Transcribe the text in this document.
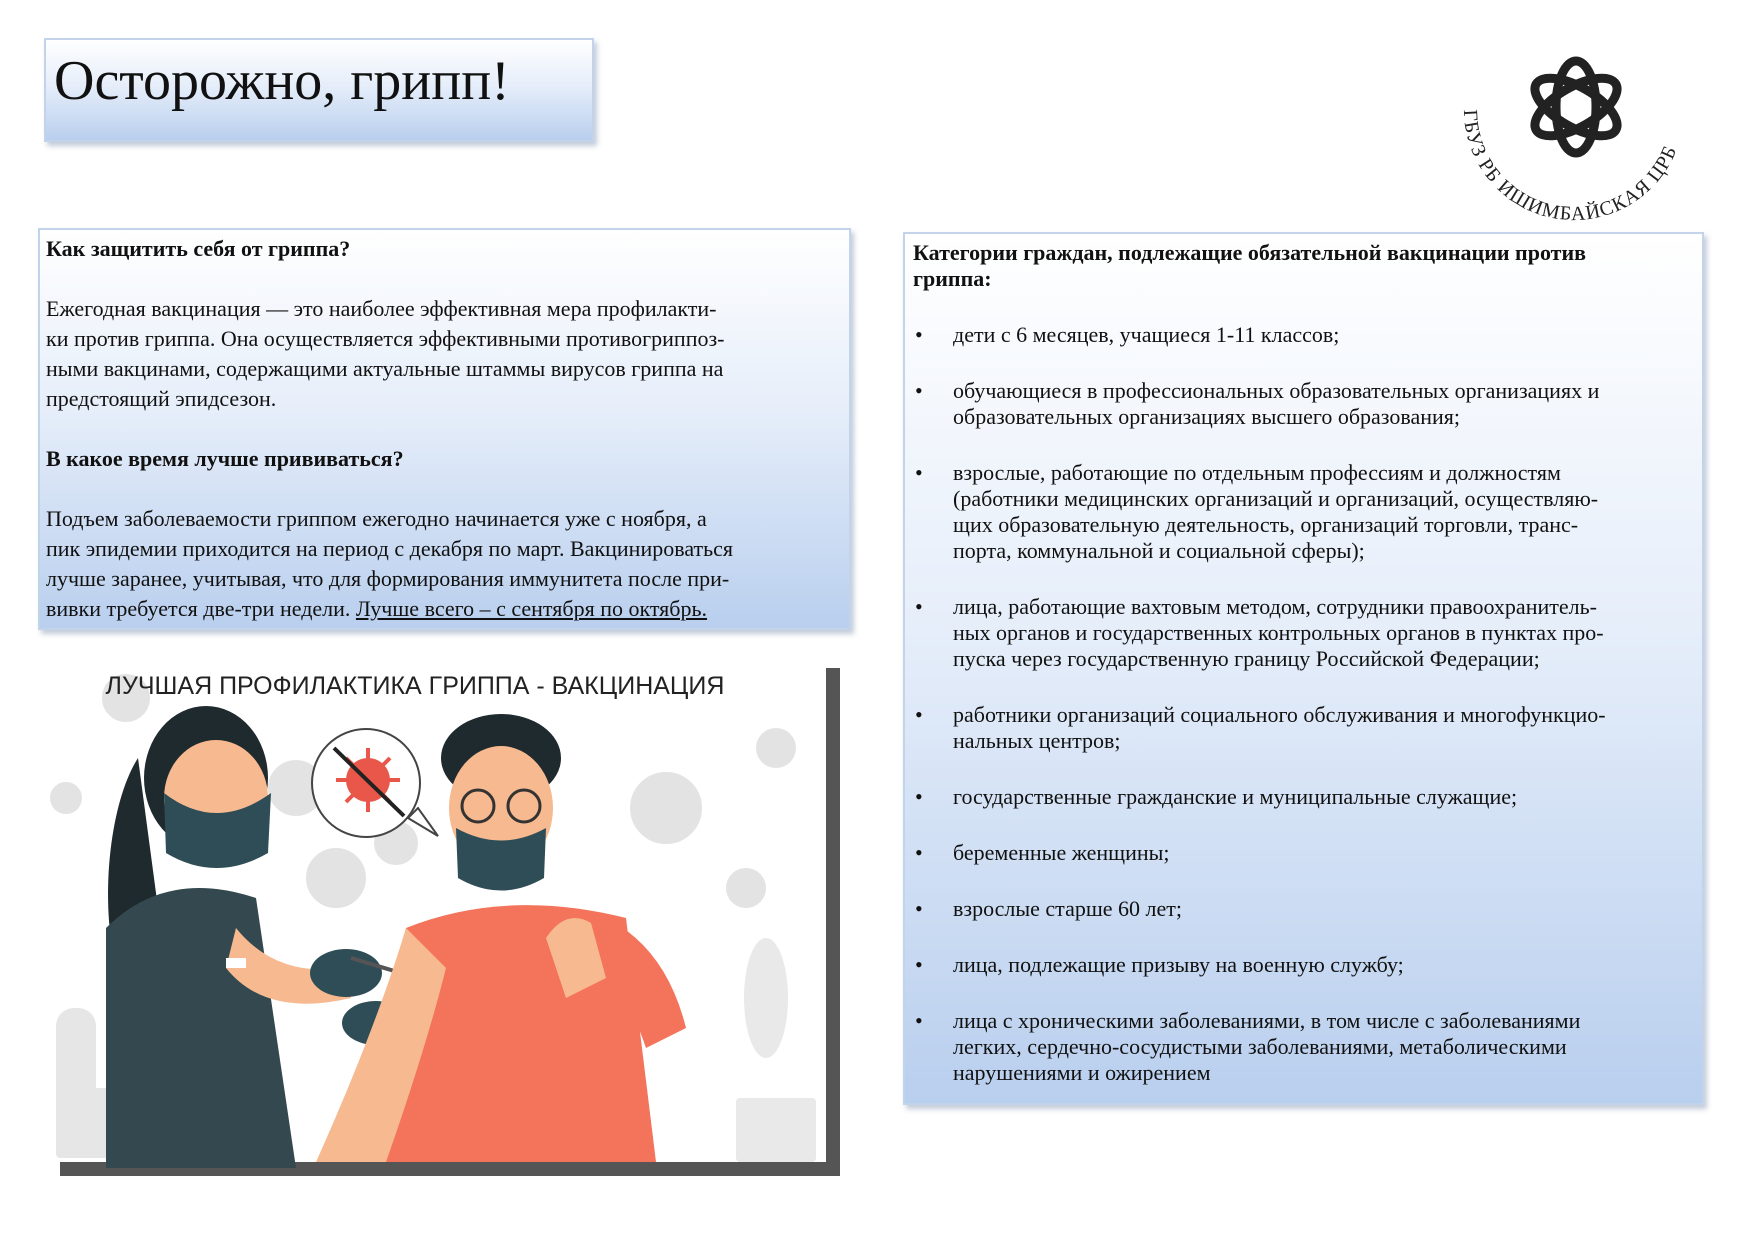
Осторожно, грипп!
ГБУЗ РБ ИШИМБАЙСКАЯ ЦРБ

Как защитить себя от гриппа?

Ежегодная вакцинация — это наиболее эффективная мера профилакти-

ки против гриппа. Она осуществляется эффективными противогриппоз-

ными вакцинами, содержащими актуальные штаммы вирусов гриппа на

предстоящий эпидсезон.

В какое время лучше прививаться?

Подъем заболеваемости гриппом ежегодно начинается уже с ноября, а

пик эпидемии приходится на период с декабря по март. Вакцинироваться

лучше заранее, учитывая, что для формирования иммунитета после при-

вивки требуется две-три недели. Лучше всего – с сентября по октябрь.

ЛУЧШАЯ ПРОФИЛАКТИКА ГРИППА - ВАКЦИНАЦИЯ

Категории граждан, подлежащие обязательной вакцинации против
гриппа:

• дети с 6 месяцев, учащиеся 1-11 классов;
• обучающиеся в профессиональных образовательных организациях и
образовательных организациях высшего образования;
• взрослые, работающие по отдельным профессиям и должностям
(работники медицинских организаций и организаций, осуществляю-
щих образовательную деятельность, организаций торговли, транс-
порта, коммунальной и социальной сферы);
• лица, работающие вахтовым методом, сотрудники правоохранитель-
ных органов и государственных контрольных органов в пунктах про-
пуска через государственную границу Российской Федерации;
• работники организаций социального обслуживания и многофункцио-
нальных центров;
• государственные гражданские и муниципальные служащие;
• беременные женщины;
• взрослые старше 60 лет;
• лица, подлежащие призыву на военную службу;
• лица с хроническими заболеваниями, в том числе с заболеваниями
легких, сердечно-сосудистыми заболеваниями, метаболическими
нарушениями и ожирением
